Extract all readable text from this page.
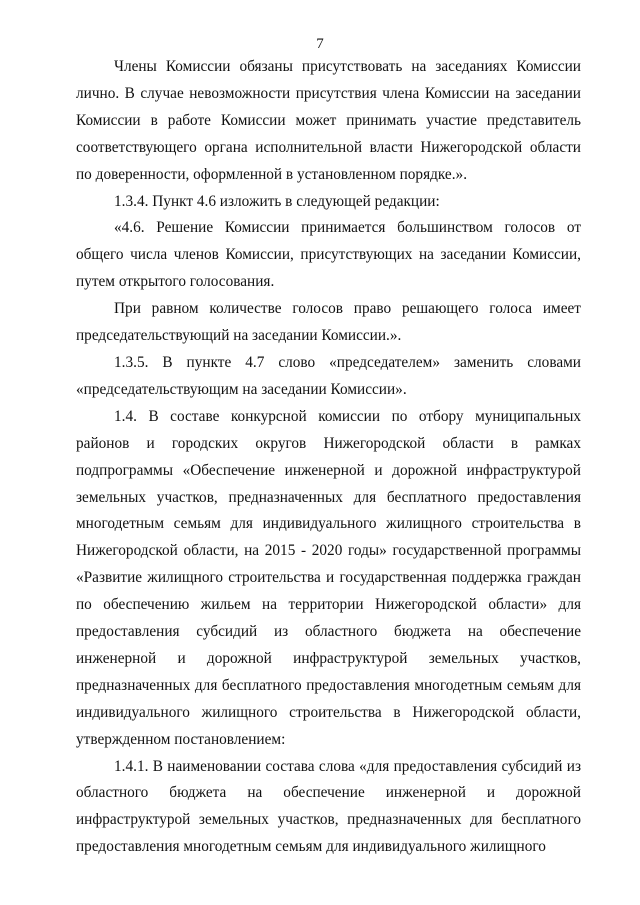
7

Члены Комиссии обязаны присутствовать на заседаниях Комиссии лично. В случае невозможности присутствия члена Комиссии на заседании Комиссии в работе Комиссии может принимать участие представитель соответствующего органа исполнительной власти Нижегородской области по доверенности, оформленной в установленном порядке.».

1.3.4. Пункт 4.6 изложить в следующей редакции:

«4.6. Решение Комиссии принимается большинством голосов от общего числа членов Комиссии, присутствующих на заседании Комиссии, путем открытого голосования.

При равном количестве голосов право решающего голоса имеет председательствующий на заседании Комиссии.».

1.3.5. В пункте 4.7 слово «председателем» заменить словами «председательствующим на заседании Комиссии».

1.4. В составе конкурсной комиссии по отбору муниципальных районов и городских округов Нижегородской области в рамках подпрограммы «Обеспечение инженерной и дорожной инфраструктурой земельных участков, предназначенных для бесплатного предоставления многодетным семьям для индивидуального жилищного строительства в Нижегородской области, на 2015 - 2020 годы» государственной программы «Развитие жилищного строительства и государственная поддержка граждан по обеспечению жильем на территории Нижегородской области» для предоставления субсидий из областного бюджета на обеспечение инженерной и дорожной инфраструктурой земельных участков, предназначенных для бесплатного предоставления многодетным семьям для индивидуального жилищного строительства в Нижегородской области, утвержденном постановлением:

1.4.1. В наименовании состава слова «для предоставления субсидий из областного бюджета на обеспечение инженерной и дорожной инфраструктурой земельных участков, предназначенных для бесплатного предоставления многодетным семьям для индивидуального жилищного
